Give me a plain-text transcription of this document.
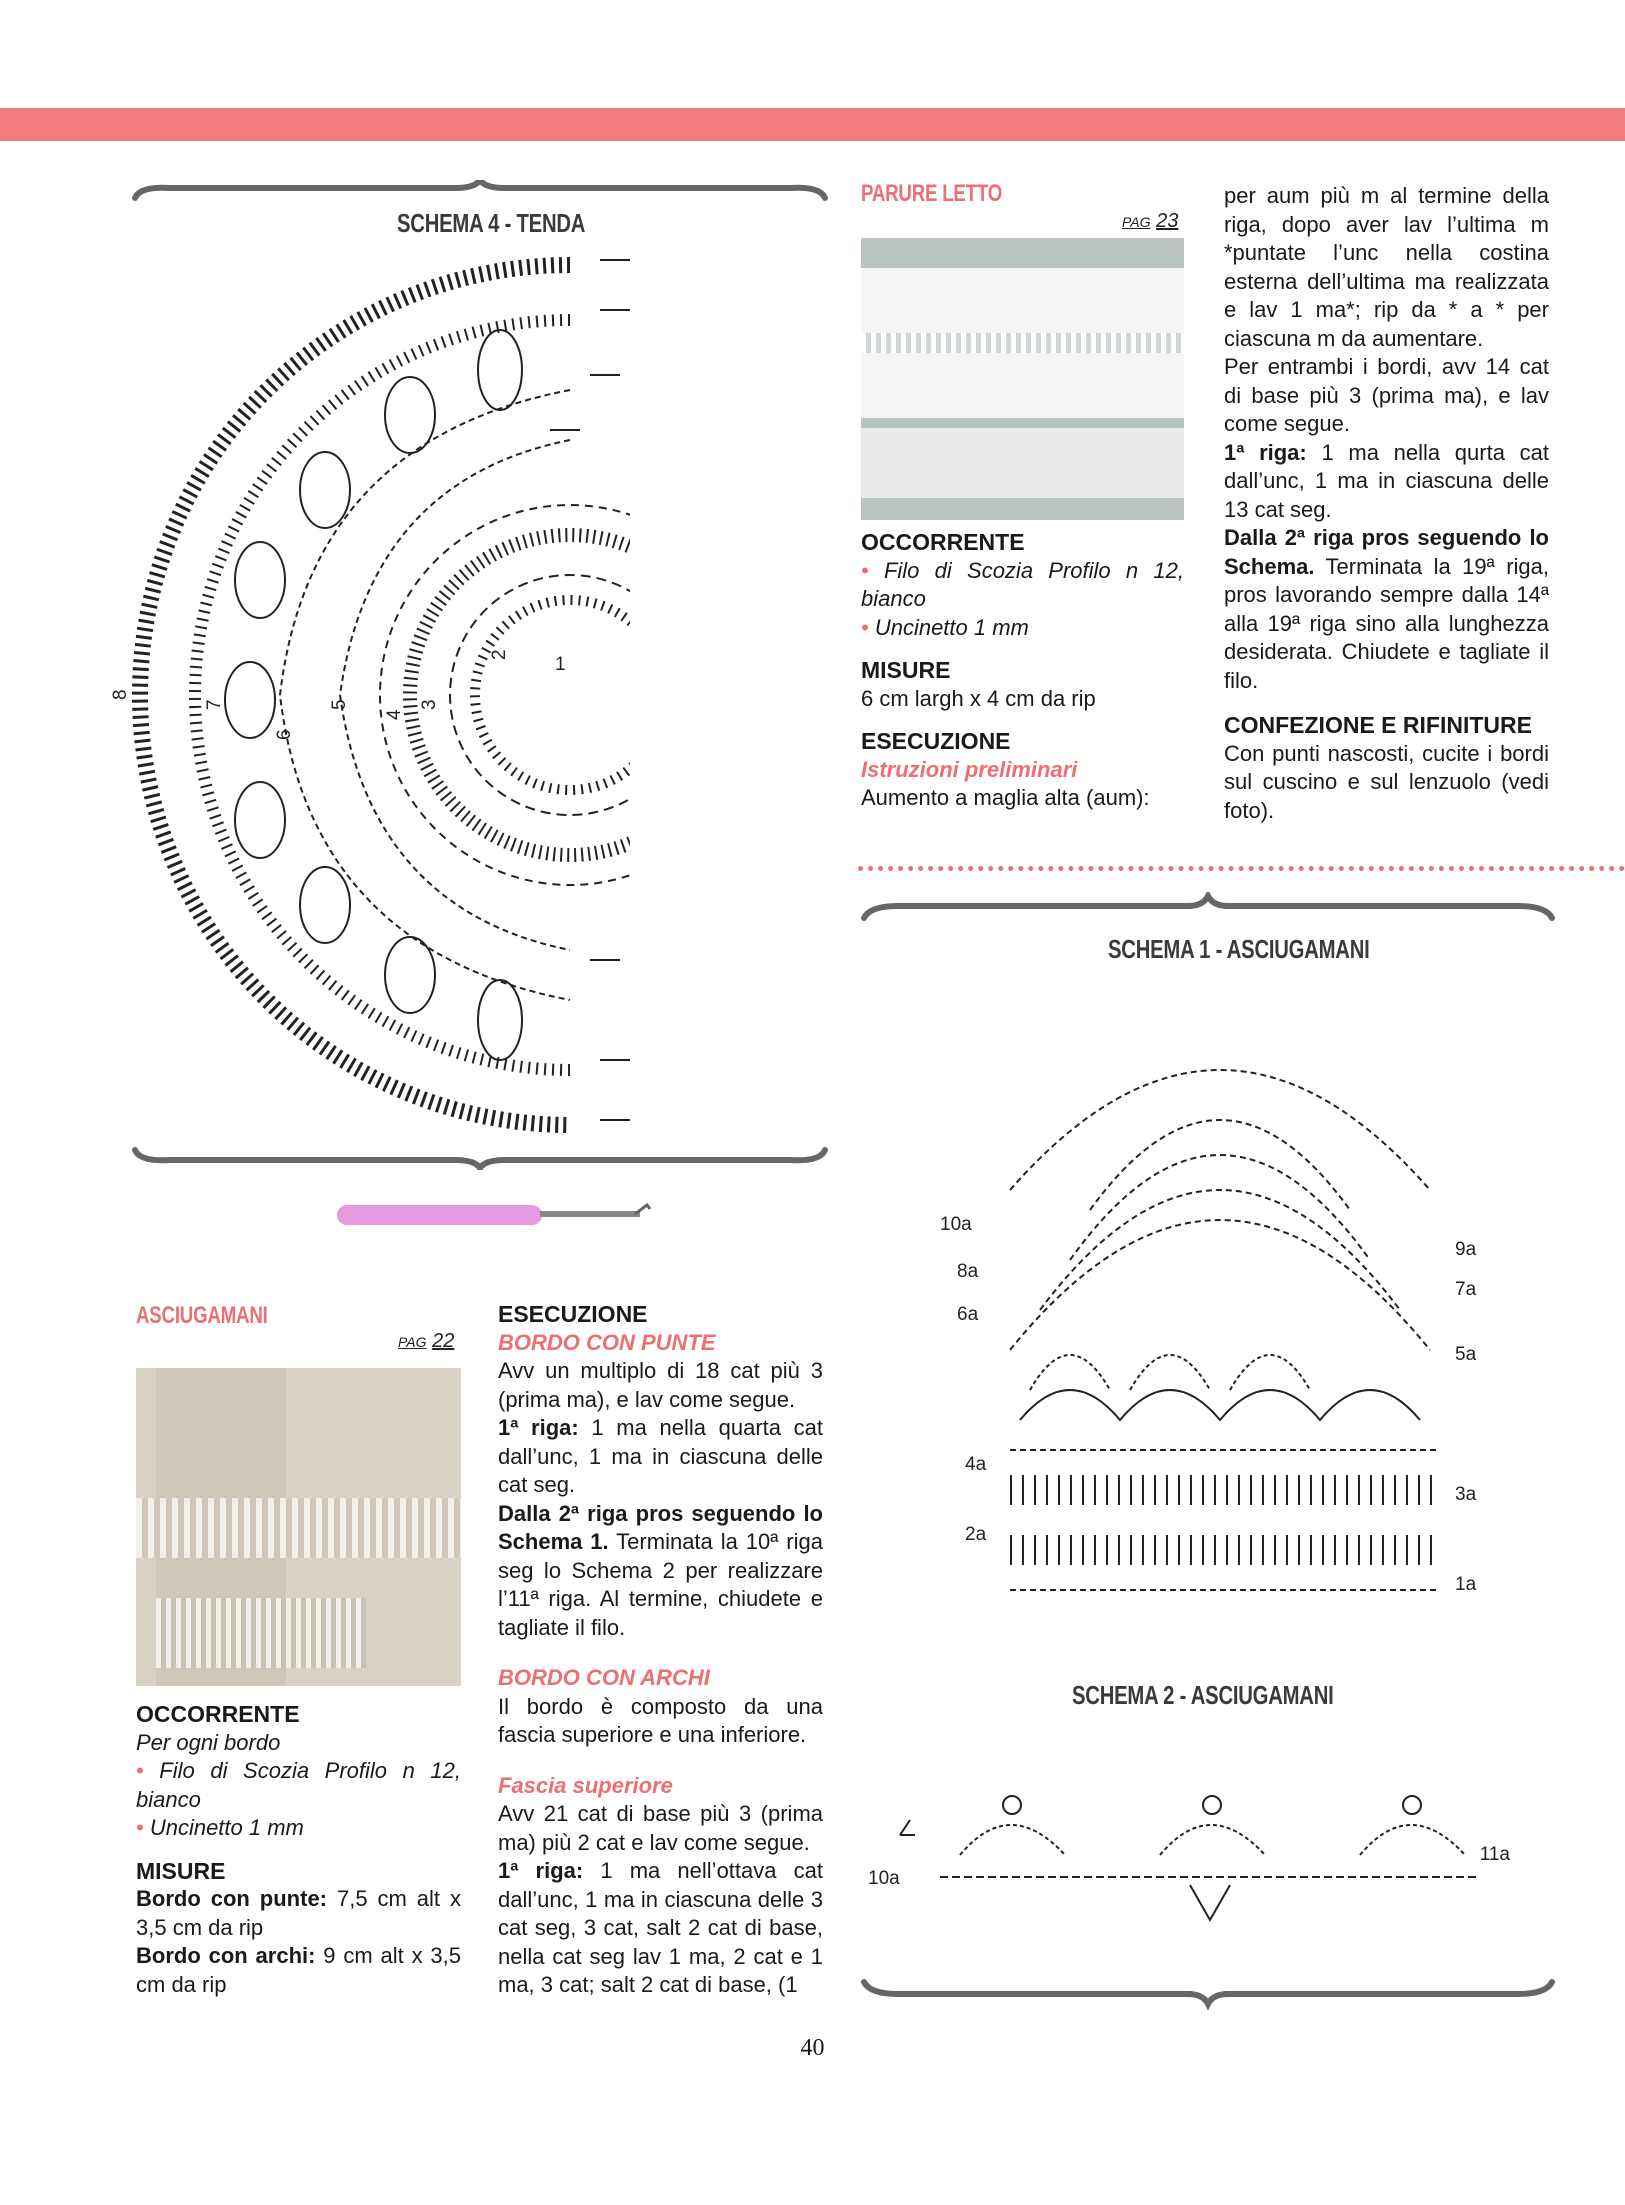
SCHEMA 4 - TENDA
8
7
6
5
4
3
2 1
ASCIUGAMANI
PAG 22

OCCORRENTE

Per ogni bordo

• Filo di Scozia Profilo n 12, bianco

• Uncinetto 1 mm

MISURE

Bordo con punte: 7,5 cm alt x 3,5 cm da rip

Bordo con archi: 9 cm alt x 3,5 cm da rip

ESECUZIONE

BORDO CON PUNTE

Avv un multiplo di 18 cat più 3 (prima ma), e lav come segue.

1ª riga: 1 ma nella quarta cat dall’unc, 1 ma in ciascuna delle cat seg.

Dalla 2ª riga pros seguendo lo Schema 1. Terminata la 10ª riga seg lo Schema 2 per realizzare l’11ª riga. Al termine, chiudete e tagliate il filo.

BORDO CON ARCHI

Il bordo è composto da una fascia superiore e una inferiore.

Fascia superiore

Avv 21 cat di base più 3 (prima ma) più 2 cat e lav come segue.

1ª riga: 1 ma nell’ottava cat dall’unc, 1 ma in ciascuna delle 3 cat seg, 3 cat, salt 2 cat di base, nella cat seg lav 1 ma, 2 cat e 1 ma, 3 cat; salt 2 cat di base, (1

PARURE LETTO
PAG 23

OCCORRENTE

• Filo di Scozia Profilo n 12, bianco

• Uncinetto 1 mm

MISURE

6 cm largh x 4 cm da rip

ESECUZIONE

Istruzioni preliminari

Aumento a maglia alta (aum):

per aum più m al termine della riga, dopo aver lav l’ultima m *puntate l’unc nella costina esterna dell’ultima ma realizzata e lav 1 ma*; rip da * a * per ciascuna m da aumentare.

Per entrambi i bordi, avv 14 cat di base più 3 (prima ma), e lav come segue.

1ª riga: 1 ma nella qurta cat dall’unc, 1 ma in ciascuna delle 13 cat seg.

Dalla 2ª riga pros seguendo lo Schema. Terminata la 19ª riga, pros lavorando sempre dalla 14ª alla 19ª riga sino alla lunghezza desiderata. Chiudete e tagliate il filo.

CONFEZIONE E RIFINITURE

Con punti nascosti, cucite i bordi sul cuscino e sul lenzuolo (vedi foto).

SCHEMA 1 - ASCIUGAMANI
10a
8a
6a
4a
2a
9a
7a
5a
3a
1a
SCHEMA 2 - ASCIUGAMANI
10a
11a
40
